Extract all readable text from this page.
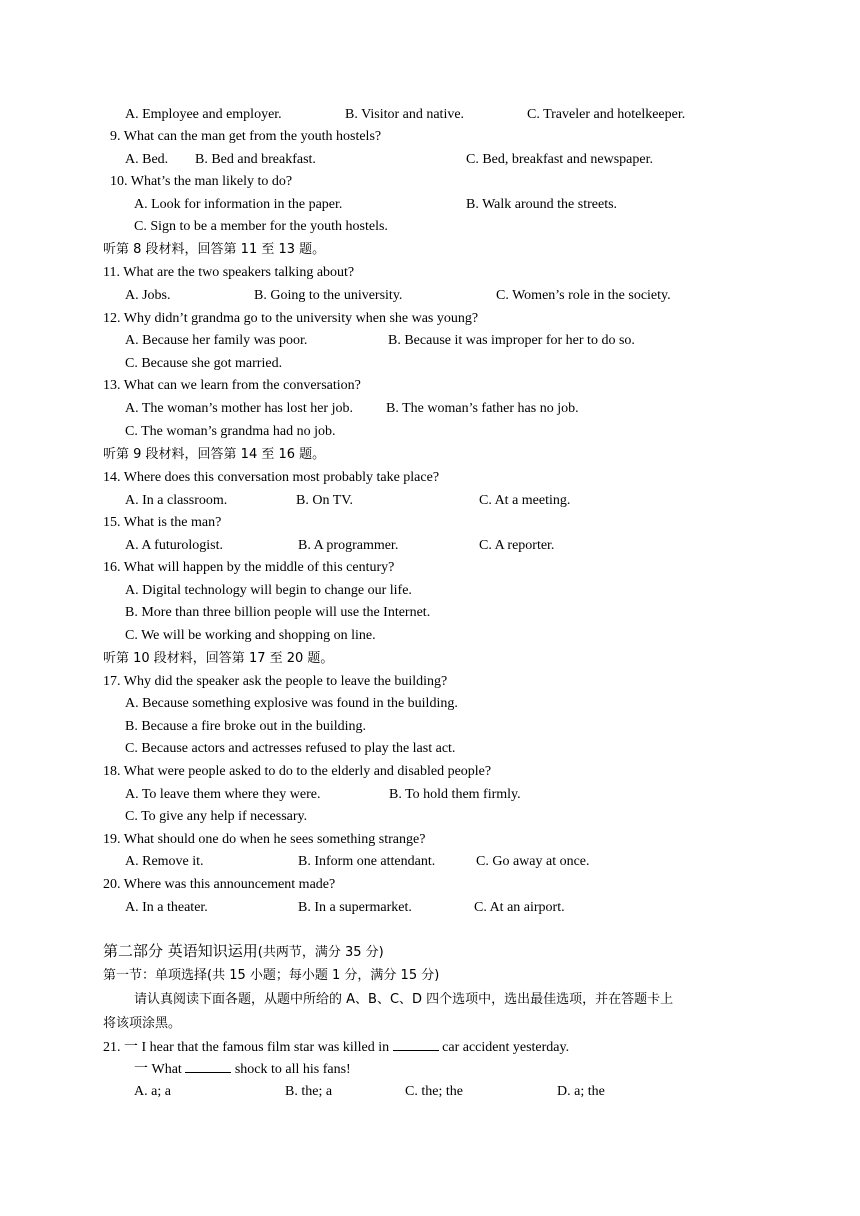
A. Employee and employer.	B. Visitor and native.	C. Traveler and hotelkeeper.
9. What can the man get from the youth hostels?
A. Bed. B. Bed and breakfast.	C. Bed, breakfast and newspaper.
10. What’s the man likely to do?
A. Look for information in the paper.	B. Walk around the streets.
C. Sign to be a member for the youth hostels.
听第 8 段材料，回答第 11 至 13 题。
11. What are the two speakers talking about?
A. Jobs.	B. Going to the university.	C. Women’s role in the society.
12. Why didn’t grandma go to the university when she was young?
A. Because her family was poor.	B. Because it was improper for her to do so.
C. Because she got married.
13. What can we learn from the conversation?
A. The woman’s mother has lost her job. B. The woman’s father has no job.
C. The woman’s grandma had no job.
听第 9 段材料，回答第 14 至 16 题。
14. Where does this conversation most probably take place?
A. In a classroom.	B. On TV.	C. At a meeting.
15. What is the man?
A. A futurologist.	B. A programmer.	C. A reporter.
16. What will happen by the middle of this century?
A. Digital technology will begin to change our life.
B. More than three billion people will use the Internet.
C. We will be working and shopping on line.
听第 10 段材料，回答第 17 至 20 题。
17. Why did the speaker ask the people to leave the building?
A. Because something explosive was found in the building.
B. Because a fire broke out in the building.
C. Because actors and actresses refused to play the last act.
18. What were people asked to do to the elderly and disabled people?
A. To leave them where they were.	B. To hold them firmly.
C. To give any help if necessary.
19. What should one do when he sees something strange?
A. Remove it.	B. Inform one attendant.	C. Go away at once.
20. Where was this announcement made?
A. In a theater.	B. In a supermarket.	C. At an airport.
第二部分 英语知识运用(共两节，满分 35 分)
第一节：单项选择(共 15 小题；每小题 1 分，满分 15 分)
请认真阅读下面各题，从题中所给的 A、B、C、D 四个选项中，选出最佳选项，并在答题卡上
将该项涂黑。
21. 一 I hear that the famous film star was killed in	car accident yesterday.
一 What	shock to all his fans!
A. a; a	B. the; a	C. the; the	D. a; the
